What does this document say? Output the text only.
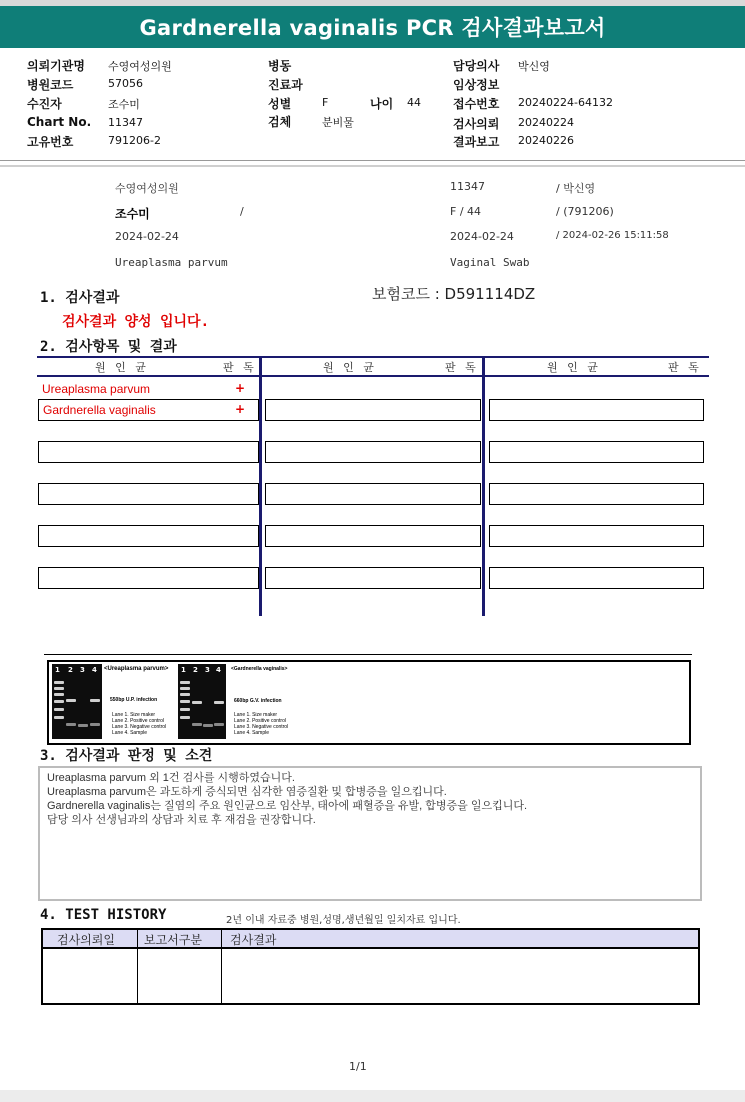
Gardnerella vaginalis PCR 검사결과보고서
의뢰기관명 수영여성의원
병원코드	57056
수진자	조수미
Chart No. 11347
고유번호	791206-2
병동
진료과
성별	F	나이 44
검체	분비물
담당의사 박신영
임상정보
접수번호 20240224-64132
검사의뢰 20240224
결과보고 20240226
수영여성의원	11347	/ 박신영
조수미	/	F / 44	/ (791206)
2024-02-24	2024-02-24	/ 2024-02-26 15:11:58
Ureaplasma parvum	Vaginal Swab
1. 검사결과	보험코드 : D591114DZ
검사결과 양성 입니다.
2. 검사항목 및 결과
원 인 균	판 독	원 인 균	판 독	원 인 균	판 독
Ureaplasma parvum	+
Gardnerella vaginalis	+
1 2 3 4 <Ureaplasma parvum>
550bp U.P. infection
Lane 1. Size maker
Lane 2. Positive control
Lane 3. Negative control
Lane 4. Sample
1 2 3 4 <Gardnerella vaginalis>
660bp G.V. infection
Lane 1. Size maker
Lane 2. Positive control
Lane 3. Negative control
Lane 4. Sample
3. 검사결과 판정 및 소견
Ureaplasma parvum 외 1건 검사를 시행하였습니다.
Ureaplasma parvum은 과도하게 증식되면 심각한 염증질환 및 합병증을 일으킵니다.
Gardnerella vaginalis는 질염의 주요 원인균으로 임산부, 태아에 패혈증을 유발, 합병증을 일으킵니다.
담당 의사 선생님과의 상담과 치료 후 재검을 권장합니다.
4. TEST HISTORY	2년 이내 자료중 병원,성명,생년월일 일치자료 입니다.
검사의뢰일 보고서구분 검사결과
1/1
